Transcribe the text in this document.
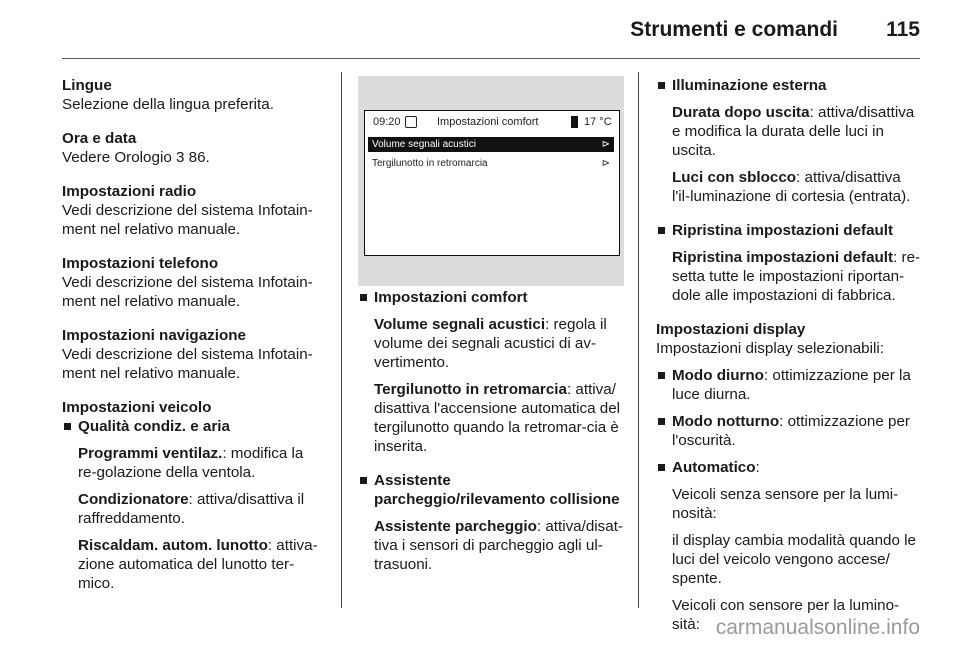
Strumenti e comandi 115
Lingue
Selezione della lingua preferita.
Ora e data
Vedere Orologio 3 86.
Impostazioni radio
Vedi descrizione del sistema Infotain-
ment nel relativo manuale.
Impostazioni telefono
Vedi descrizione del sistema Infotain-
ment nel relativo manuale.
Impostazioni navigazione
Vedi descrizione del sistema Infotain-
ment nel relativo manuale.
Impostazioni veicolo
Qualità condiz. e aria
Programmi ventilaz.: modifica la re-golazione della ventola.
Condizionatore: attiva/disattiva il raffreddamento.
Riscaldam. autom. lunotto: attiva-zione automatica del lunotto ter-mico.
09:20	Impostazioni comfort	17 °C
Volume segnali acustici	⊳
Tergilunotto in retromarcia	⊳
Impostazioni comfort
Volume segnali acustici: regola il volume dei segnali acustici di av-vertimento.
Tergilunotto in retromarcia: attiva/ disattiva l'accensione automatica del tergilunotto quando la retromar-cia è inserita.
Assistente parcheggio/rilevamento collisione
Assistente parcheggio: attiva/disat-tiva i sensori di parcheggio agli ul-trasuoni.
Illuminazione esterna
Durata dopo uscita: attiva/disattiva e modifica la durata delle luci in uscita.
Luci con sblocco: attiva/disattiva l'il-luminazione di cortesia (entrata).
Ripristina impostazioni default
Ripristina impostazioni default: re-setta tutte le impostazioni riportan-dole alle impostazioni di fabbrica.
Impostazioni display
Impostazioni display selezionabili:
Modo diurno: ottimizzazione per la luce diurna.
Modo notturno: ottimizzazione per l'oscurità.
Automatico:
Veicoli senza sensore per la lumi-nosità:
il display cambia modalità quando le luci del veicolo vengono accese/ spente.
Veicoli con sensore per la lumino-sità: carmanualsonline.info
